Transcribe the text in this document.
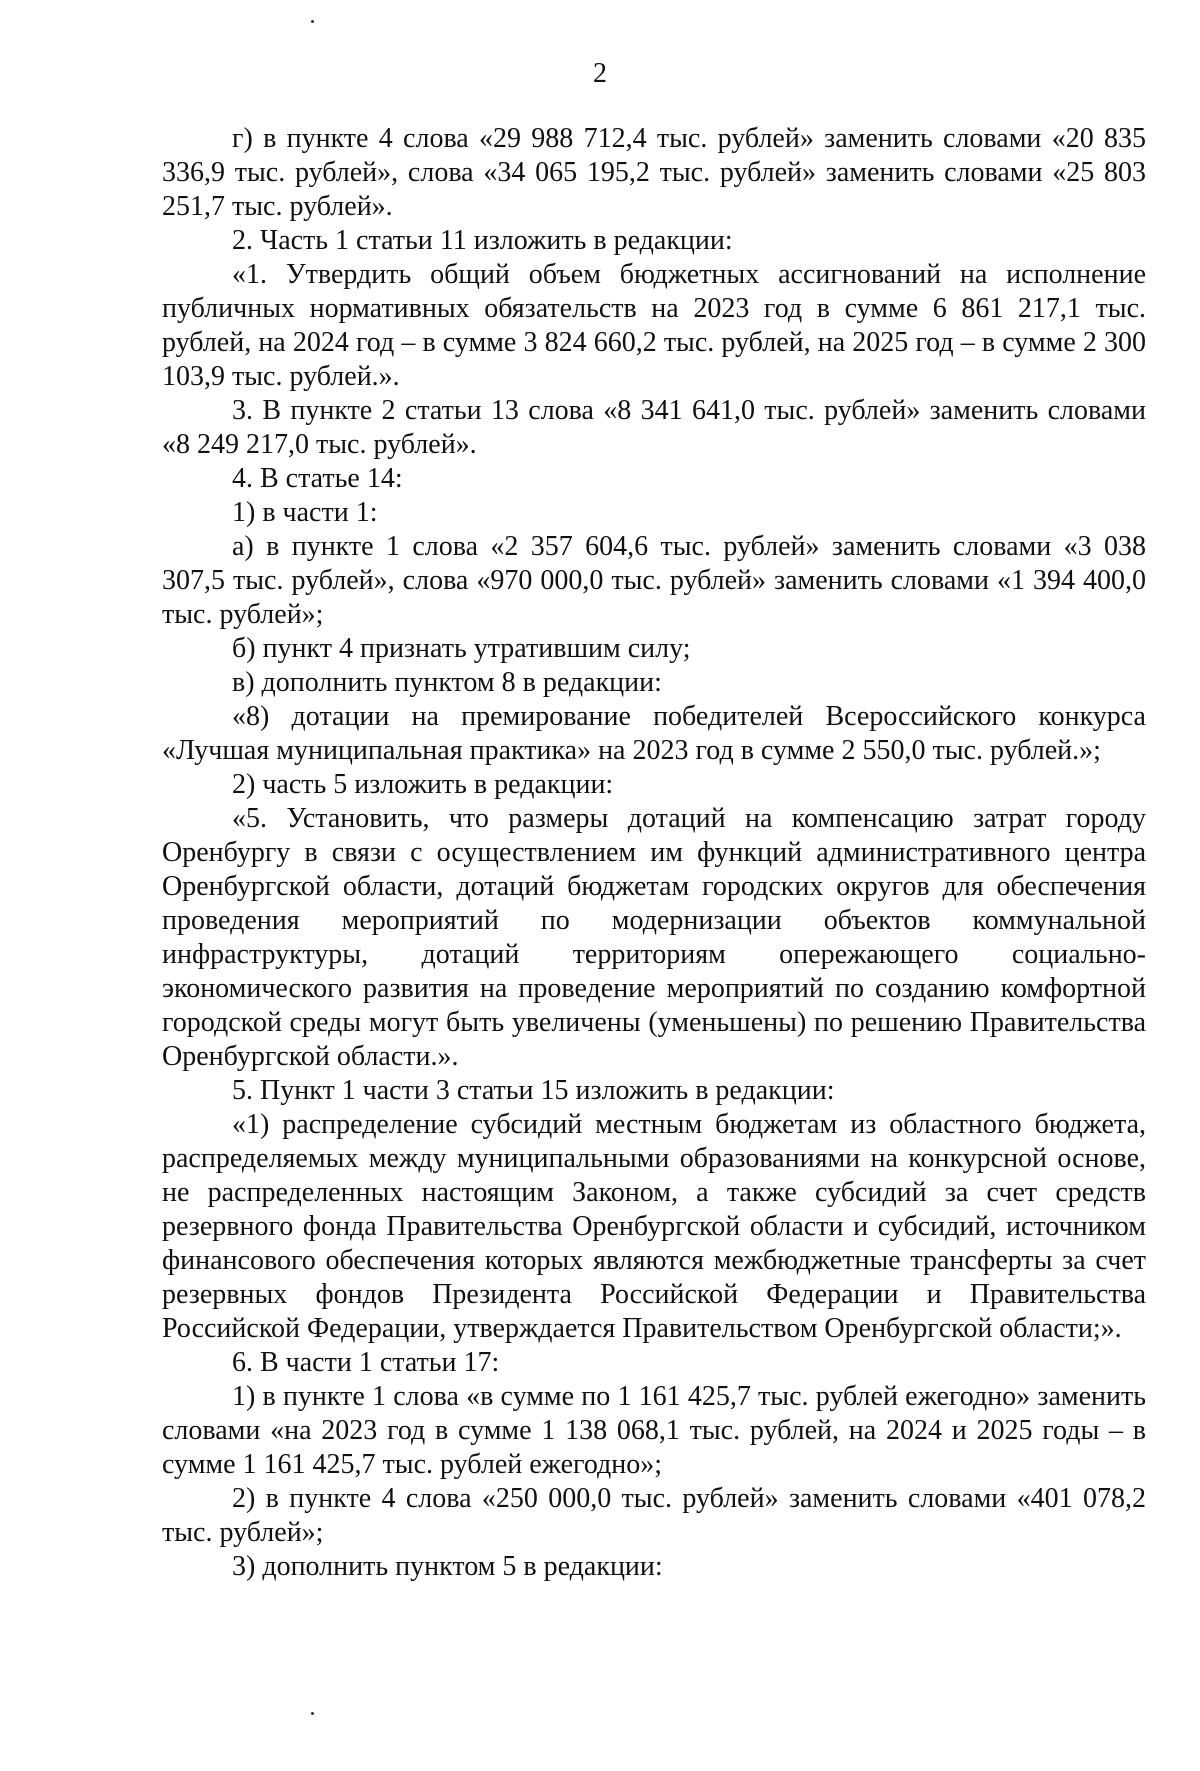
2

г) в пункте 4 слова «29 988 712,4 тыс. рублей» заменить словами «20 835 336,9 тыс. рублей», слова «34 065 195,2 тыс. рублей» заменить словами «25 803 251,7 тыс. рублей».

2. Часть 1 статьи 11 изложить в редакции:

«1. Утвердить общий объем бюджетных ассигнований на исполнение публичных нормативных обязательств на 2023 год в сумме 6 861 217,1 тыс. рублей, на 2024 год – в сумме 3 824 660,2 тыс. рублей, на 2025 год – в сумме 2 300 103,9 тыс. рублей.».

3. В пункте 2 статьи 13 слова «8 341 641,0 тыс. рублей» заменить словами «8 249 217,0 тыс. рублей».

4. В статье 14:

1) в части 1:

а) в пункте 1 слова «2 357 604,6 тыс. рублей» заменить словами «3 038 307,5 тыс. рублей», слова «970 000,0 тыс. рублей» заменить словами «1 394 400,0 тыс. рублей»;

б) пункт 4 признать утратившим силу;

в) дополнить пунктом 8 в редакции:

«8) дотации на премирование победителей Всероссийского конкурса «Лучшая муниципальная практика» на 2023 год в сумме 2 550,0 тыс. рублей.»;

2) часть 5 изложить в редакции:

«5. Установить, что размеры дотаций на компенсацию затрат городу Оренбургу в связи с осуществлением им функций административного центра Оренбургской области, дотаций бюджетам городских округов для обеспечения проведения мероприятий по модернизации объектов коммунальной инфраструктуры, дотаций территориям опережающего социально-экономического развития на проведение мероприятий по созданию комфортной городской среды могут быть увеличены (уменьшены) по решению Правительства Оренбургской области.».

5. Пункт 1 части 3 статьи 15 изложить в редакции:

«1) распределение субсидий местным бюджетам из областного бюджета, распределяемых между муниципальными образованиями на конкурсной основе, не распределенных настоящим Законом, а также субсидий за счет средств резервного фонда Правительства Оренбургской области и субсидий, источником финансового обеспечения которых являются межбюджетные трансферты за счет резервных фондов Президента Российской Федерации и Правительства Российской Федерации, утверждается Правительством Оренбургской области;».

6. В части 1 статьи 17:

1) в пункте 1 слова «в сумме по 1 161 425,7 тыс. рублей ежегодно» заменить словами «на 2023 год в сумме 1 138 068,1 тыс. рублей, на 2024 и 2025 годы – в сумме 1 161 425,7 тыс. рублей ежегодно»;

2) в пункте 4 слова «250 000,0 тыс. рублей» заменить словами «401 078,2 тыс. рублей»;

3) дополнить пунктом 5 в редакции:
